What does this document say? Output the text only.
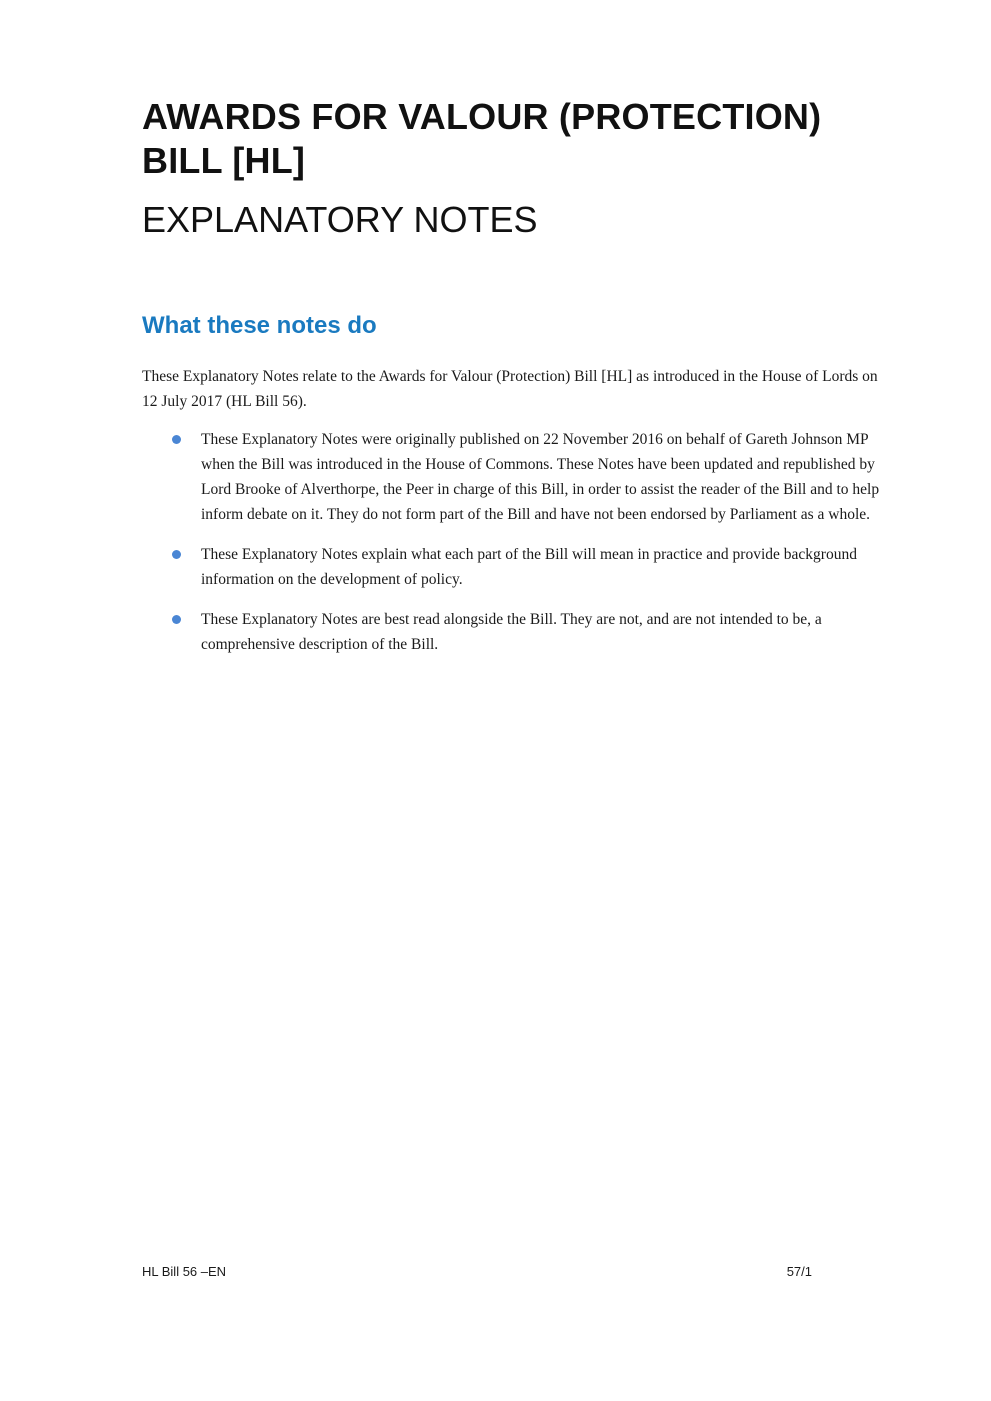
AWARDS FOR VALOUR (PROTECTION) BILL [HL]
EXPLANATORY NOTES
What these notes do

These Explanatory Notes relate to the Awards for Valour (Protection) Bill [HL] as introduced in the House of Lords on 12 July 2017 (HL Bill 56).

These Explanatory Notes were originally published on 22 November 2016 on behalf of Gareth Johnson MP when the Bill was introduced in the House of Commons. These Notes have been updated and republished by Lord Brooke of Alverthorpe, the Peer in charge of this Bill, in order to assist the reader of the Bill and to help inform debate on it. They do not form part of the Bill and have not been endorsed by Parliament as a whole.
These Explanatory Notes explain what each part of the Bill will mean in practice and provide background information on the development of policy.
These Explanatory Notes are best read alongside the Bill. They are not, and are not intended to be, a comprehensive description of the Bill.
HL Bill 56 –EN	57/1
